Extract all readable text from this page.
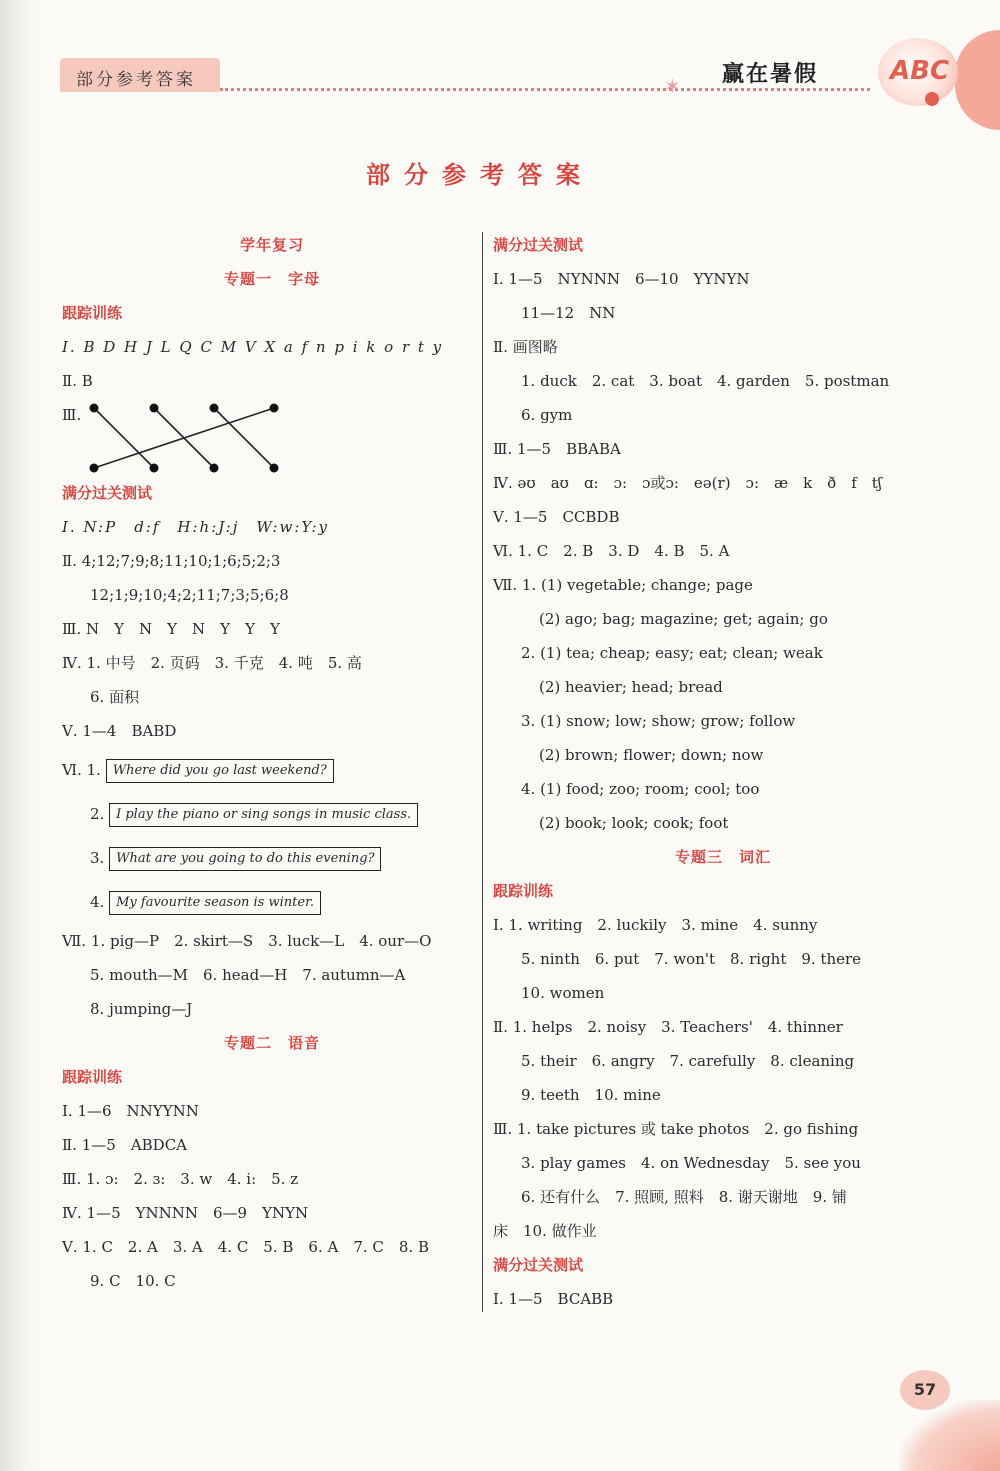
部分参考答案	✶ 赢在暑假	ABC
部分参考答案
学年复习
专题一　字母
跟踪训练
Ⅰ. B D H J L Q C M V X a f n p i k o r t y
Ⅱ. B
Ⅲ.
满分过关测试
Ⅰ. N:P　d:f　H:h:J:j　W:w:Y:y
Ⅱ. 4;12;7;9;8;11;10;1;6;5;2;3
12;1;9;10;4;2;11;7;3;5;6;8
Ⅲ. N　Y　N　Y　N　Y　Y　Y
Ⅳ. 1. 中号　2. 页码　3. 千克　4. 吨　5. 高
6. 面积
Ⅴ. 1—4　BABD
Ⅵ. 1. Where did you go last weekend?
2. I play the piano or sing songs in music class.
3. What are you going to do this evening?
4. My favourite season is winter.
Ⅶ. 1. pig—P　2. skirt—S　3. luck—L　4. our—O
5. mouth—M　6. head—H　7. autumn—A
8. jumping—J
专题二　语音
跟踪训练
Ⅰ. 1—6　NNYYNN
Ⅱ. 1—5　ABDCA
Ⅲ. 1. ɔ:　2. ɜ:　3. w　4. i:　5. z
Ⅳ. 1—5　YNNNN　6—9　YNYN
Ⅴ. 1. C　2. A　3. A　4. C　5. B　6. A　7. C　8. B
9. C　10. C
满分过关测试
Ⅰ. 1—5　NYNNN　6—10　YYNYN
11—12　NN
Ⅱ. 画图略
1. duck　2. cat　3. boat　4. garden　5. postman
6. gym
Ⅲ. 1—5　BBABA
Ⅳ. əʊ　aʊ　ɑ:　ɔ:　ɔ或ɔ:　eə(r)　ɔ:　æ　k　ð　f　tʃ
Ⅴ. 1—5　CCBDB
Ⅵ. 1. C　2. B　3. D　4. B　5. A
Ⅶ. 1. (1) vegetable; change; page
(2) ago; bag; magazine; get; again; go
2. (1) tea; cheap; easy; eat; clean; weak
(2) heavier; head; bread
3. (1) snow; low; show; grow; follow
(2) brown; flower; down; now
4. (1) food; zoo; room; cool; too
(2) book; look; cook; foot
专题三　词汇
跟踪训练
Ⅰ. 1. writing　2. luckily　3. mine　4. sunny
5. ninth　6. put　7. won't　8. right　9. there
10. women
Ⅱ. 1. helps　2. noisy　3. Teachers'　4. thinner
5. their　6. angry　7. carefully　8. cleaning
9. teeth　10. mine
Ⅲ. 1. take pictures 或 take photos　2. go fishing
3. play games　4. on Wednesday　5. see you
6. 还有什么　7. 照顾, 照料　8. 谢天谢地　9. 铺
床　10. 做作业
满分过关测试
Ⅰ. 1—5　BCABB
57
